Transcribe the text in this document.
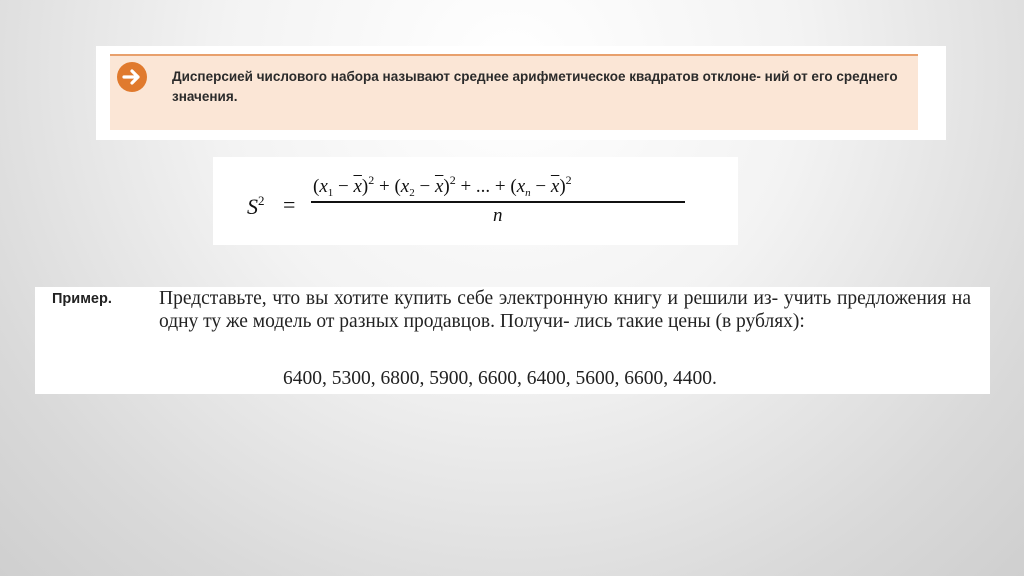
Дисперсией числового набора называют среднее арифметическое квадратов отклоне- ний от его среднего значения.

$S^2$ =
$(x_1 - \overline{x})^2 + (x_2 - \overline{x})^2$ + ... + $(x_n - \overline{x})^2$
n
Пример. Представьте, что вы хотите купить себе электронную книгу и решили из- учить предложения на одну ту же модель от разных продавцов. Получи- лись такие цены (в рублях):

6400, 5300, 6800, 5900, 6600, 6400, 5600, 6600, 4400.
